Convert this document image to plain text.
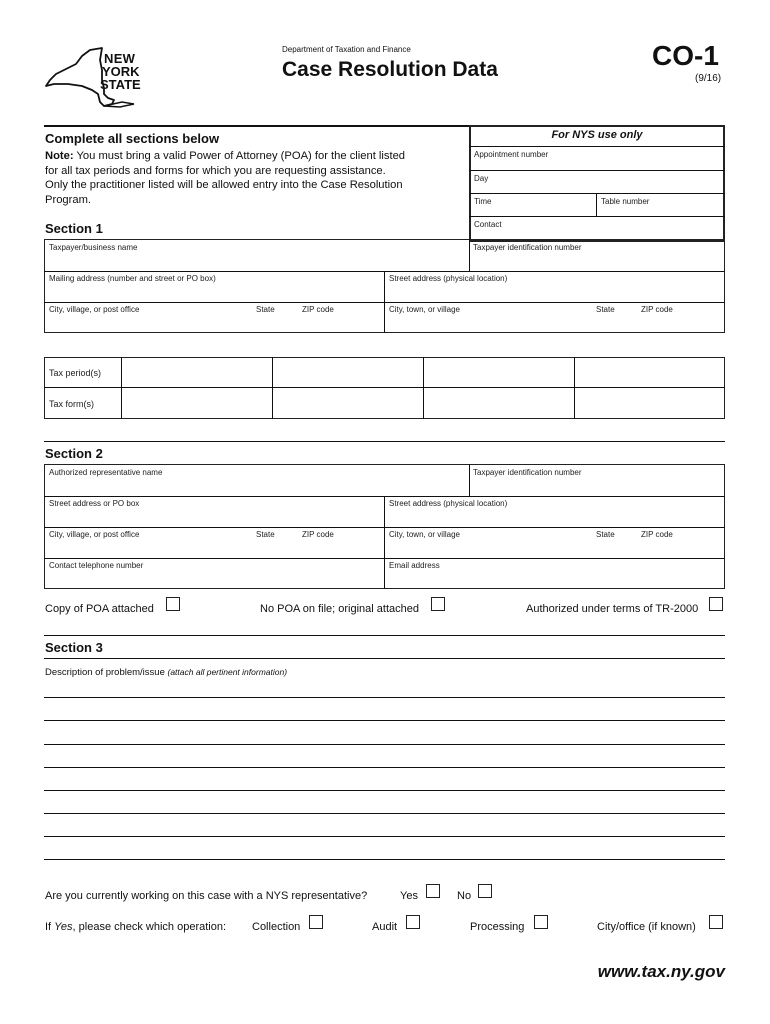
NEW
YORK
STATE
Department of Taxation and Finance
Case Resolution Data	CO-1
(9/16)
Complete all sections below
Note: You must bring a valid Power of Attorney (POA) for the client listed
for all tax periods and forms for which you are requesting assistance.
Only the practitioner listed will be allowed entry into the Case Resolution
Program.
For NYS use only
Appointment number
Day
Time	Table number
Contact
Section 1
Taxpayer/business name	Taxpayer identification number
Mailing address (number and street or PO box)	Street address (physical location)
City, village, or post office	State	ZIP code	City, town, or village	State	ZIP code
Tax period(s)
Tax form(s)
Section 2
Authorized representative name	Taxpayer identification number
Street address or PO box	Street address (physical location)
City, village, or post office	State	ZIP code	City, town, or village	State	ZIP code
Contact telephone number	Email address
Copy of POA attached	No POA on file; original attached	Authorized under terms of TR-2000
Section 3
Description of problem/issue (attach all pertinent information)
Are you currently working on this case with a NYS representative?	Yes	No
If Yes, please check which operation: Collection	Audit	Processing	City/office (if known)
www.tax.ny.gov
